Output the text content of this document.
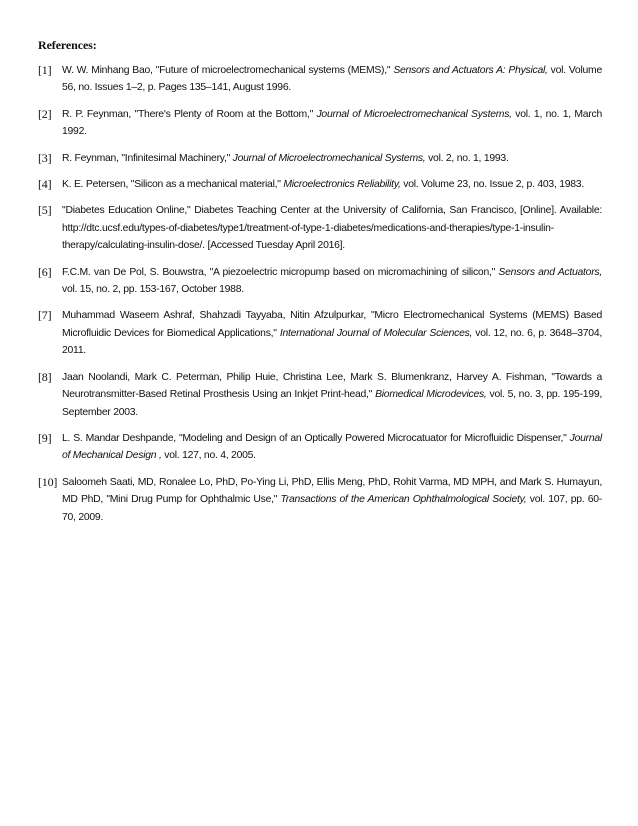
References:
[1]	W. W. Minhang Bao, "Future of microelectromechanical systems (MEMS)," Sensors and Actuators A: Physical, vol. Volume 56, no. Issues 1–2, p. Pages 135–141, August 1996.
[2]	R. P. Feynman, "There's Plenty of Room at the Bottom," Journal of Microelectromechanical Systems, vol. 1, no. 1, March 1992.
[3]	R. Feynman, "Infinitesimal Machinery," Journal of Microelectromechanical Systems, vol. 2, no. 1, 1993.
[4]	K. E. Petersen, "Silicon as a mechanical material," Microelectronics Reliability, vol. Volume 23, no. Issue 2, p. 403, 1983.
[5]	"Diabetes Education Online," Diabetes Teaching Center at the University of California, San Francisco, [Online]. Available: http://dtc.ucsf.edu/types-of-diabetes/type1/treatment-of-type-1-diabetes/medications-and-therapies/type-1-insulin-therapy/calculating-insulin-dose/. [Accessed Tuesday April 2016].
[6]	F.C.M. van De Pol, S. Bouwstra, "A piezoelectric micropump based on micromachining of silicon," Sensors and Actuators, vol. 15, no. 2, pp. 153-167, October 1988.
[7]	Muhammad Waseem Ashraf, Shahzadi Tayyaba, Nitin Afzulpurkar, "Micro Electromechanical Systems (MEMS) Based Microfluidic Devices for Biomedical Applications," International Journal of Molecular Sciences, vol. 12, no. 6, p. 3648–3704, 2011.
[8]	Jaan Noolandi, Mark C. Peterman, Philip Huie, Christina Lee, Mark S. Blumenkranz, Harvey A. Fishman, "Towards a Neurotransmitter-Based Retinal Prosthesis Using an Inkjet Print-head," Biomedical Microdevices, vol. 5, no. 3, pp. 195-199, September 2003.
[9]	L. S. Mandar Deshpande, "Modeling and Design of an Optically Powered Microcatuator for Microfluidic Dispenser," Journal of Mechanical Design , vol. 127, no. 4, 2005.
[10] Saloomeh Saati, MD, Ronalee Lo, PhD, Po-Ying Li, PhD, Ellis Meng, PhD, Rohit Varma, MD MPH, and Mark S. Humayun, MD PhD, "Mini Drug Pump for Ophthalmic Use," Transactions of the American Ophthalmological Society, vol. 107, pp. 60-70, 2009.
